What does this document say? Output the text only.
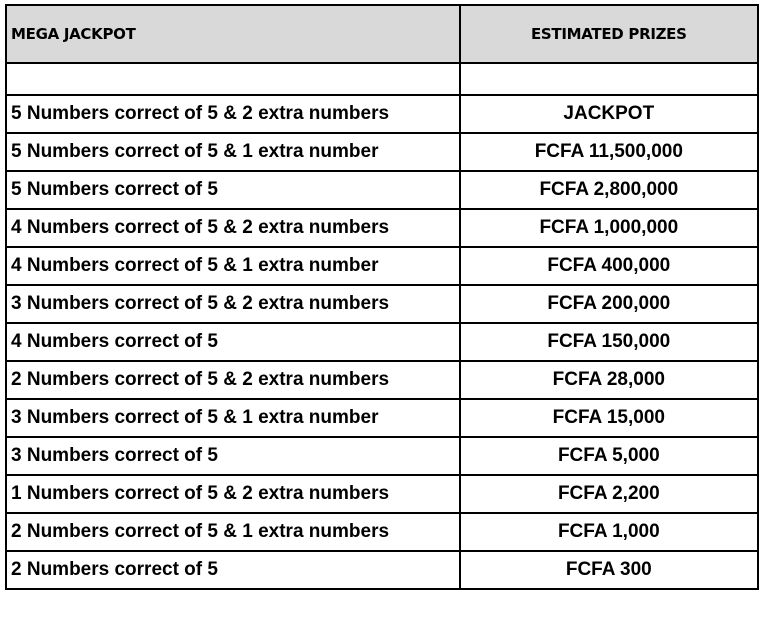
MEGA JACKPOT	ESTIMATED PRIZES

5 Numbers correct of 5 & 2 extra numbers	JACKPOT
5 Numbers correct of 5 & 1 extra number	FCFA 11,500,000
5 Numbers correct of 5	FCFA 2,800,000
4 Numbers correct of 5 & 2 extra numbers	FCFA 1,000,000
4 Numbers correct of 5 & 1 extra number	FCFA 400,000
3 Numbers correct of 5 & 2 extra numbers	FCFA 200,000
4 Numbers correct of 5	FCFA 150,000
2 Numbers correct of 5 & 2 extra numbers	FCFA 28,000
3 Numbers correct of 5 & 1 extra number	FCFA 15,000
3 Numbers correct of 5	FCFA 5,000
1 Numbers correct of 5 & 2 extra numbers	FCFA 2,200
2 Numbers correct of 5 & 1 extra numbers	FCFA 1,000
2 Numbers correct of 5	FCFA 300
